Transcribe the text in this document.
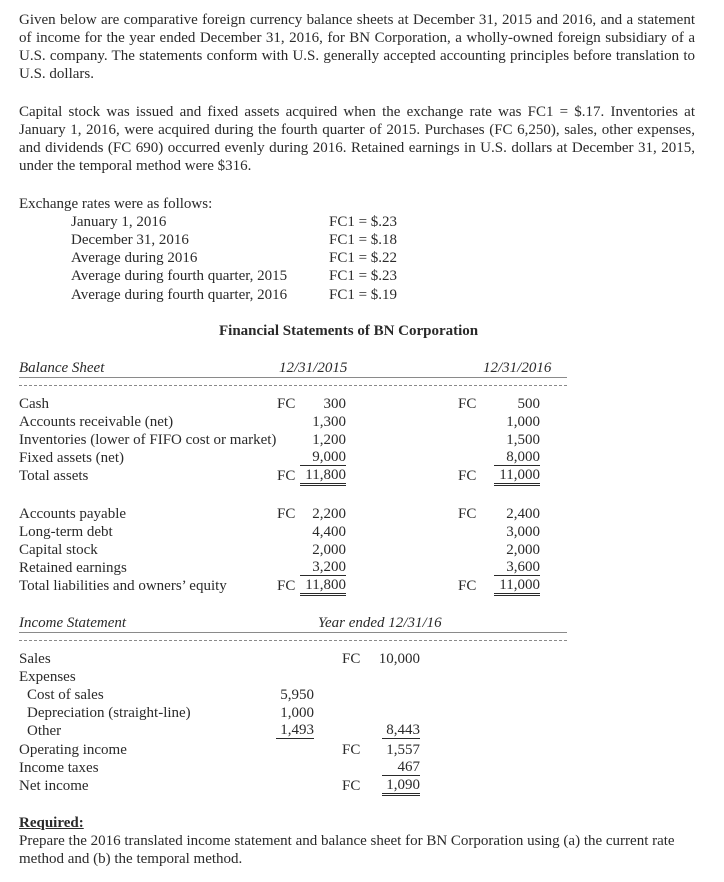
Given below are comparative foreign currency balance sheets at December 31, 2015 and 2016, and a statement of income for the year ended December 31, 2016, for BN Corporation, a wholly-owned foreign subsidiary of a U.S. company. The statements conform with U.S. generally accepted accounting principles before translation to U.S. dollars.
Capital stock was issued and fixed assets acquired when the exchange rate was FC1 = $.17. Inventories at January 1, 2016, were acquired during the fourth quarter of 2015. Purchases (FC 6,250), sales, other expenses, and dividends (FC 690) occurred evenly during 2016. Retained earnings in U.S. dollars at December 31, 2015, under the temporal method were $316.
Exchange rates were as follows:
January 1, 2016	FC1 = $.23
December 31, 2016	FC1 = $.18
Average during 2016	FC1 = $.22
Average during fourth quarter, 2015	FC1 = $.23
Average during fourth quarter, 2016	FC1 = $.19
Financial Statements of BN Corporation
Balance Sheet	12/31/2015	12/31/2016
Cash	FC	300	FC	500
Accounts receivable (net)	1,300	1,000
Inventories (lower of FIFO cost or market)	1,200	1,500
Fixed assets (net)	9,000	8,000
Total assets	FC 11,800	FC	11,000
Accounts payable	FC	2,200	FC	2,400
Long-term debt	4,400	3,000
Capital stock	2,000	2,000
Retained earnings	3,200	3,600
Total liabilities and owners’ equity	FC 11,800	FC	11,000
Income Statement	Year ended 12/31/16
Sales	FC	10,000
Expenses
Cost of sales	5,950
Depreciation (straight-line)	1,000
Other	1,493	8,443
Operating income	FC	1,557
Income taxes	467
Net income	FC 1,090
Required:
Prepare the 2016 translated income statement and balance sheet for BN Corporation using (a) the current rate method and (b) the temporal method.
